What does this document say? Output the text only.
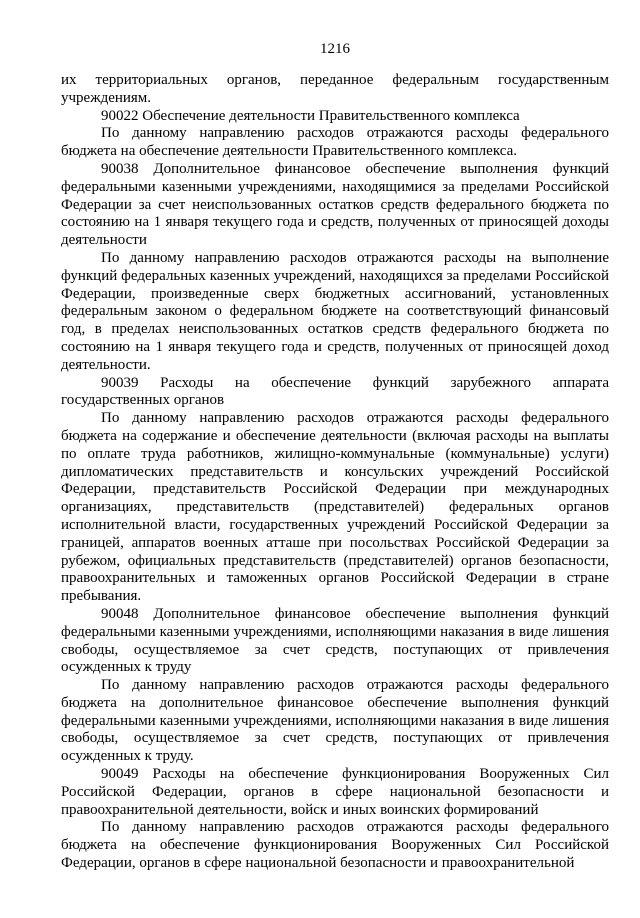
1216

их территориальных органов, переданное федеральным государственным учреждениям.

90022 Обеспечение деятельности Правительственного комплекса

По данному направлению расходов отражаются расходы федерального бюджета на обеспечение деятельности Правительственного комплекса.

90038 Дополнительное финансовое обеспечение выполнения функций федеральными казенными учреждениями, находящимися за пределами Российской Федерации за счет неиспользованных остатков средств федерального бюджета по состоянию на 1 января текущего года и средств, полученных от приносящей доходы деятельности

По данному направлению расходов отражаются расходы на выполнение функций федеральных казенных учреждений, находящихся за пределами Российской Федерации, произведенные сверх бюджетных ассигнований, установленных федеральным законом о федеральном бюджете на соответствующий финансовый год, в пределах неиспользованных остатков средств федерального бюджета по состоянию на 1 января текущего года и средств, полученных от приносящей доход деятельности.

90039 Расходы на обеспечение функций зарубежного аппарата государственных органов

По данному направлению расходов отражаются расходы федерального бюджета на содержание и обеспечение деятельности (включая расходы на выплаты по оплате труда работников, жилищно-коммунальные (коммунальные) услуги) дипломатических представительств и консульских учреждений Российской Федерации, представительств Российской Федерации при международных организациях, представительств (представителей) федеральных органов исполнительной власти, государственных учреждений Российской Федерации за границей, аппаратов военных атташе при посольствах Российской Федерации за рубежом, официальных представительств (представителей) органов безопасности, правоохранительных и таможенных органов Российской Федерации в стране пребывания.

90048 Дополнительное финансовое обеспечение выполнения функций федеральными казенными учреждениями, исполняющими наказания в виде лишения свободы, осуществляемое за счет средств, поступающих от привлечения осужденных к труду

По данному направлению расходов отражаются расходы федерального бюджета на дополнительное финансовое обеспечение выполнения функций федеральными казенными учреждениями, исполняющими наказания в виде лишения свободы, осуществляемое за счет средств, поступающих от привлечения осужденных к труду.

90049 Расходы на обеспечение функционирования Вооруженных Сил Российской Федерации, органов в сфере национальной безопасности и правоохранительной деятельности, войск и иных воинских формирований

По данному направлению расходов отражаются расходы федерального бюджета на обеспечение функционирования Вооруженных Сил Российской Федерации, органов в сфере национальной безопасности и правоохранительной
